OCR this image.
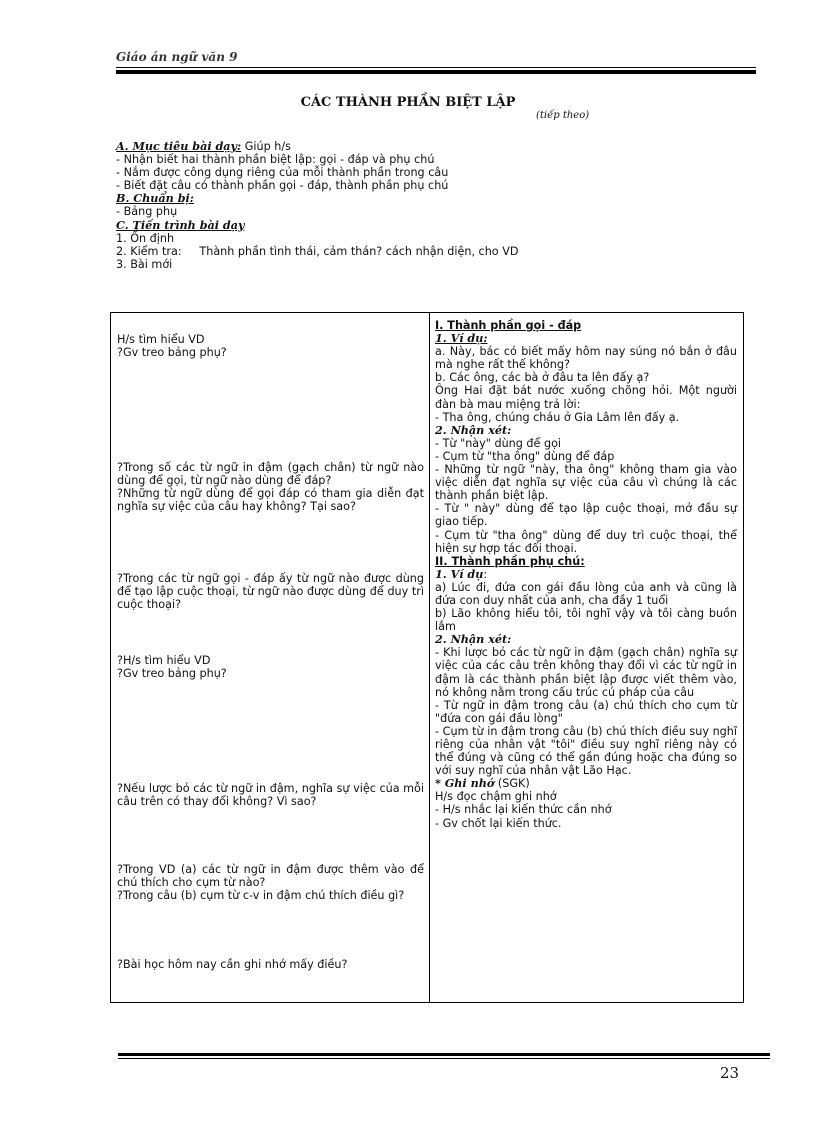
Giáo án ngữ văn 9
CÁC THÀNH PHẦN BIỆT LẬP
(tiếp theo)
A. Mục tiêu bài dạy: Giúp h/s
- Nhận biết hai thành phần biệt lập: gọi - đáp và phụ chú
- Nắm được công dụng riêng của mỗi thành phần trong câu
- Biết đặt câu có thành phần gọi - đáp, thành phần phụ chú
B. Chuẩn bị:
- Bảng phụ
C. Tiến trình bài dạy
1. Ổn định
2. Kiểm tra:     Thành phần tình thái, cảm thán? cách nhận diện, cho VD
3. Bài mới
H/s tìm hiểu VD
?Gv treo bảng phụ?
?Trong số các từ ngữ in đậm (gạch chân) từ ngữ nào dùng để gọi, từ ngữ nào dùng để đáp?
?Những từ ngữ dùng để gọi đáp có tham gia diễn đạt nghĩa sự việc của câu hay không? Tại sao?
?Trong các từ ngữ gọi - đáp ấy từ ngữ nào được dùng để tạo lập cuộc thoại, từ ngữ nào được dùng để duy trì cuộc thoại?
?H/s tìm hiểu VD
?Gv treo bảng phụ?
?Nếu lược bỏ các từ ngữ in đậm, nghĩa sự việc của mỗi câu trên có thay đổi không? Vì sao?
?Trong VD (a) các từ ngữ in đậm được thêm vào để chú thích cho cụm từ nào?
?Trong câu (b) cụm từ c-v in đậm chú thích điều gì?
?Bài học hôm nay cần ghi nhớ mấy điều?

I. Thành phần gọi - đáp
1. Ví dụ:
a. Này, bác có biết mấy hôm nay súng nó bắn ở đâu mà nghe rất thế không?
b. Các ông, các bà ở đâu ta lên đấy ạ?
Ông Hai đặt bát nước xuống chõng hỏi. Một người đàn bà mau miệng trả lời:
- Tha ông, chúng cháu ở Gia Lâm lên đấy ạ.
2. Nhận xét:
- Từ "này" dùng để gọi
- Cụm từ "tha ông" dùng để đáp
- Những từ ngữ "này, tha ông" không tham gia vào việc diễn đạt nghĩa sự việc của câu vì chúng là các thành phần biệt lập.
- Từ " này" dùng để tạo lập cuộc thoại, mở đầu sự giao tiếp.
- Cụm từ "tha ông" dùng để duy trì cuộc thoại, thể hiện sự hợp tác đối thoại.
II. Thành phần phụ chú:
1. Ví dụ:
a) Lúc đi, đứa con gái đầu lòng của anh và cũng là đứa con duy nhất của anh, cha đầy 1 tuổi
b) Lão không hiểu tôi, tôi nghĩ vậy và tôi càng buồn lắm
2. Nhận xét:
- Khi lược bỏ các từ ngữ in đậm (gạch chân) nghĩa sự việc của các câu trên không thay đổi vì các từ ngữ in đậm là các thành phần biệt lập được viết thêm vào, nó không nằm trong cấu trúc cú pháp của câu
- Từ ngữ in đậm trong câu (a) chú thích cho cụm từ "đứa con gái đầu lòng"
- Cụm từ in đậm trong câu (b) chú thích điều suy nghĩ riêng của nhân vật "tôi" điều suy nghĩ riêng này có thể đúng và cũng có thể gần đúng hoặc cha đúng so với suy nghĩ của nhân vật Lão Hạc.
* Ghi nhớ (SGK)
H/s đọc chậm ghi nhớ
- H/s nhắc lại kiến thức cần nhớ
- Gv chốt lại kiến thức.
23
